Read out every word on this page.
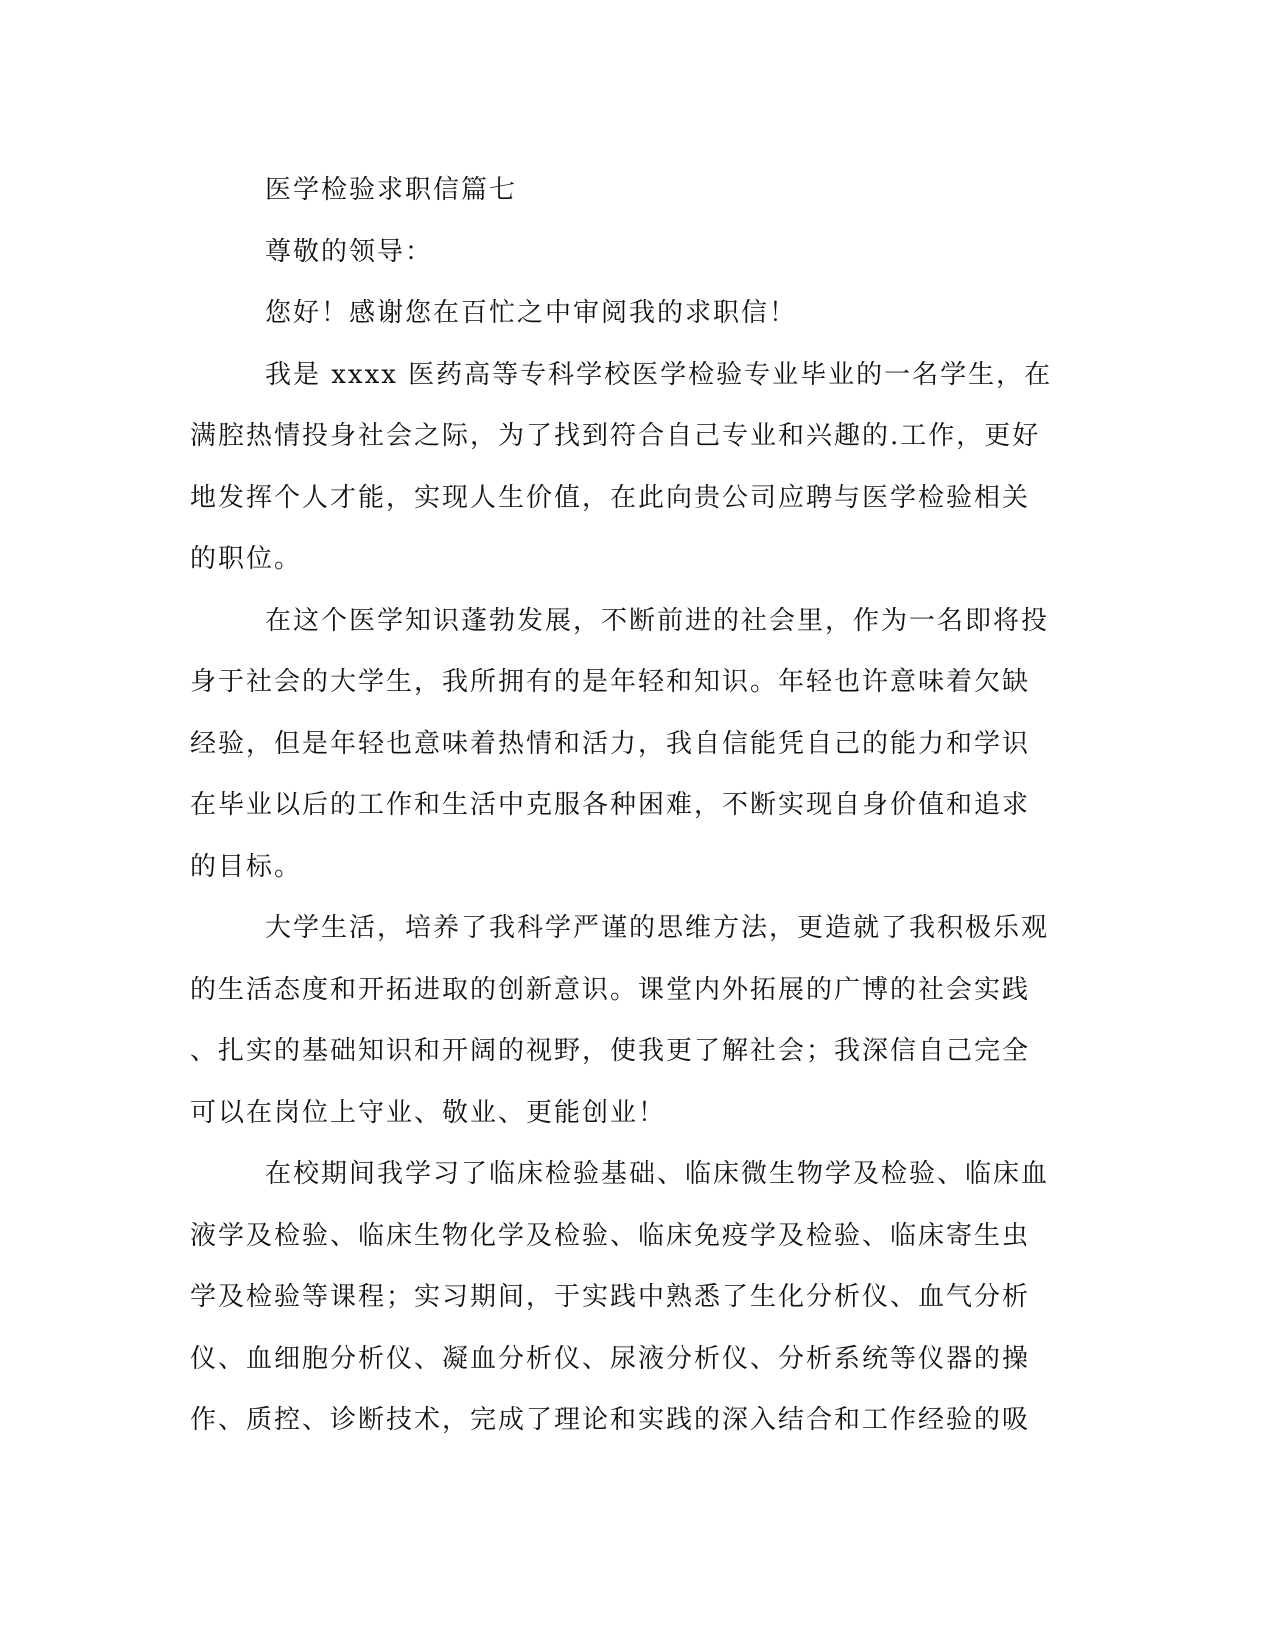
医学检验求职信篇七
尊敬的领导：
您好！感谢您在百忙之中审阅我的求职信！
我是 xxxx 医药高等专科学校医学检验专业毕业的一名学生，在
满腔热情投身社会之际，为了找到符合自己专业和兴趣的.工作，更好
地发挥个人才能，实现人生价值，在此向贵公司应聘与医学检验相关
的职位。
在这个医学知识蓬勃发展，不断前进的社会里，作为一名即将投
身于社会的大学生，我所拥有的是年轻和知识。年轻也许意味着欠缺
经验，但是年轻也意味着热情和活力，我自信能凭自己的能力和学识
在毕业以后的工作和生活中克服各种困难，不断实现自身价值和追求
的目标。
大学生活，培养了我科学严谨的思维方法，更造就了我积极乐观
的生活态度和开拓进取的创新意识。课堂内外拓展的广博的社会实践
、扎实的基础知识和开阔的视野，使我更了解社会；我深信自己完全
可以在岗位上守业、敬业、更能创业！
在校期间我学习了临床检验基础、临床微生物学及检验、临床血
液学及检验、临床生物化学及检验、临床免疫学及检验、临床寄生虫
学及检验等课程；实习期间，于实践中熟悉了生化分析仪、血气分析
仪、血细胞分析仪、凝血分析仪、尿液分析仪、分析系统等仪器的操
作、质控、诊断技术，完成了理论和实践的深入结合和工作经验的吸
